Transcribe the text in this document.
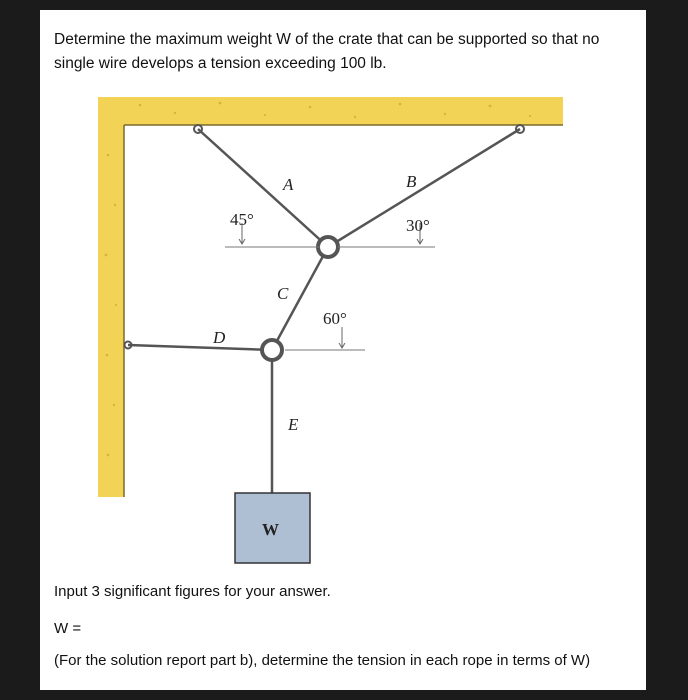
Determine the maximum weight W of the crate that can be supported so that no single wire develops a tension exceeding 100 lb.

A	B
C
D
E
W
45°	30°
60°

Input 3 significant figures for your answer.

W =

(For the solution report part b), determine the tension in each rope in terms of W)
